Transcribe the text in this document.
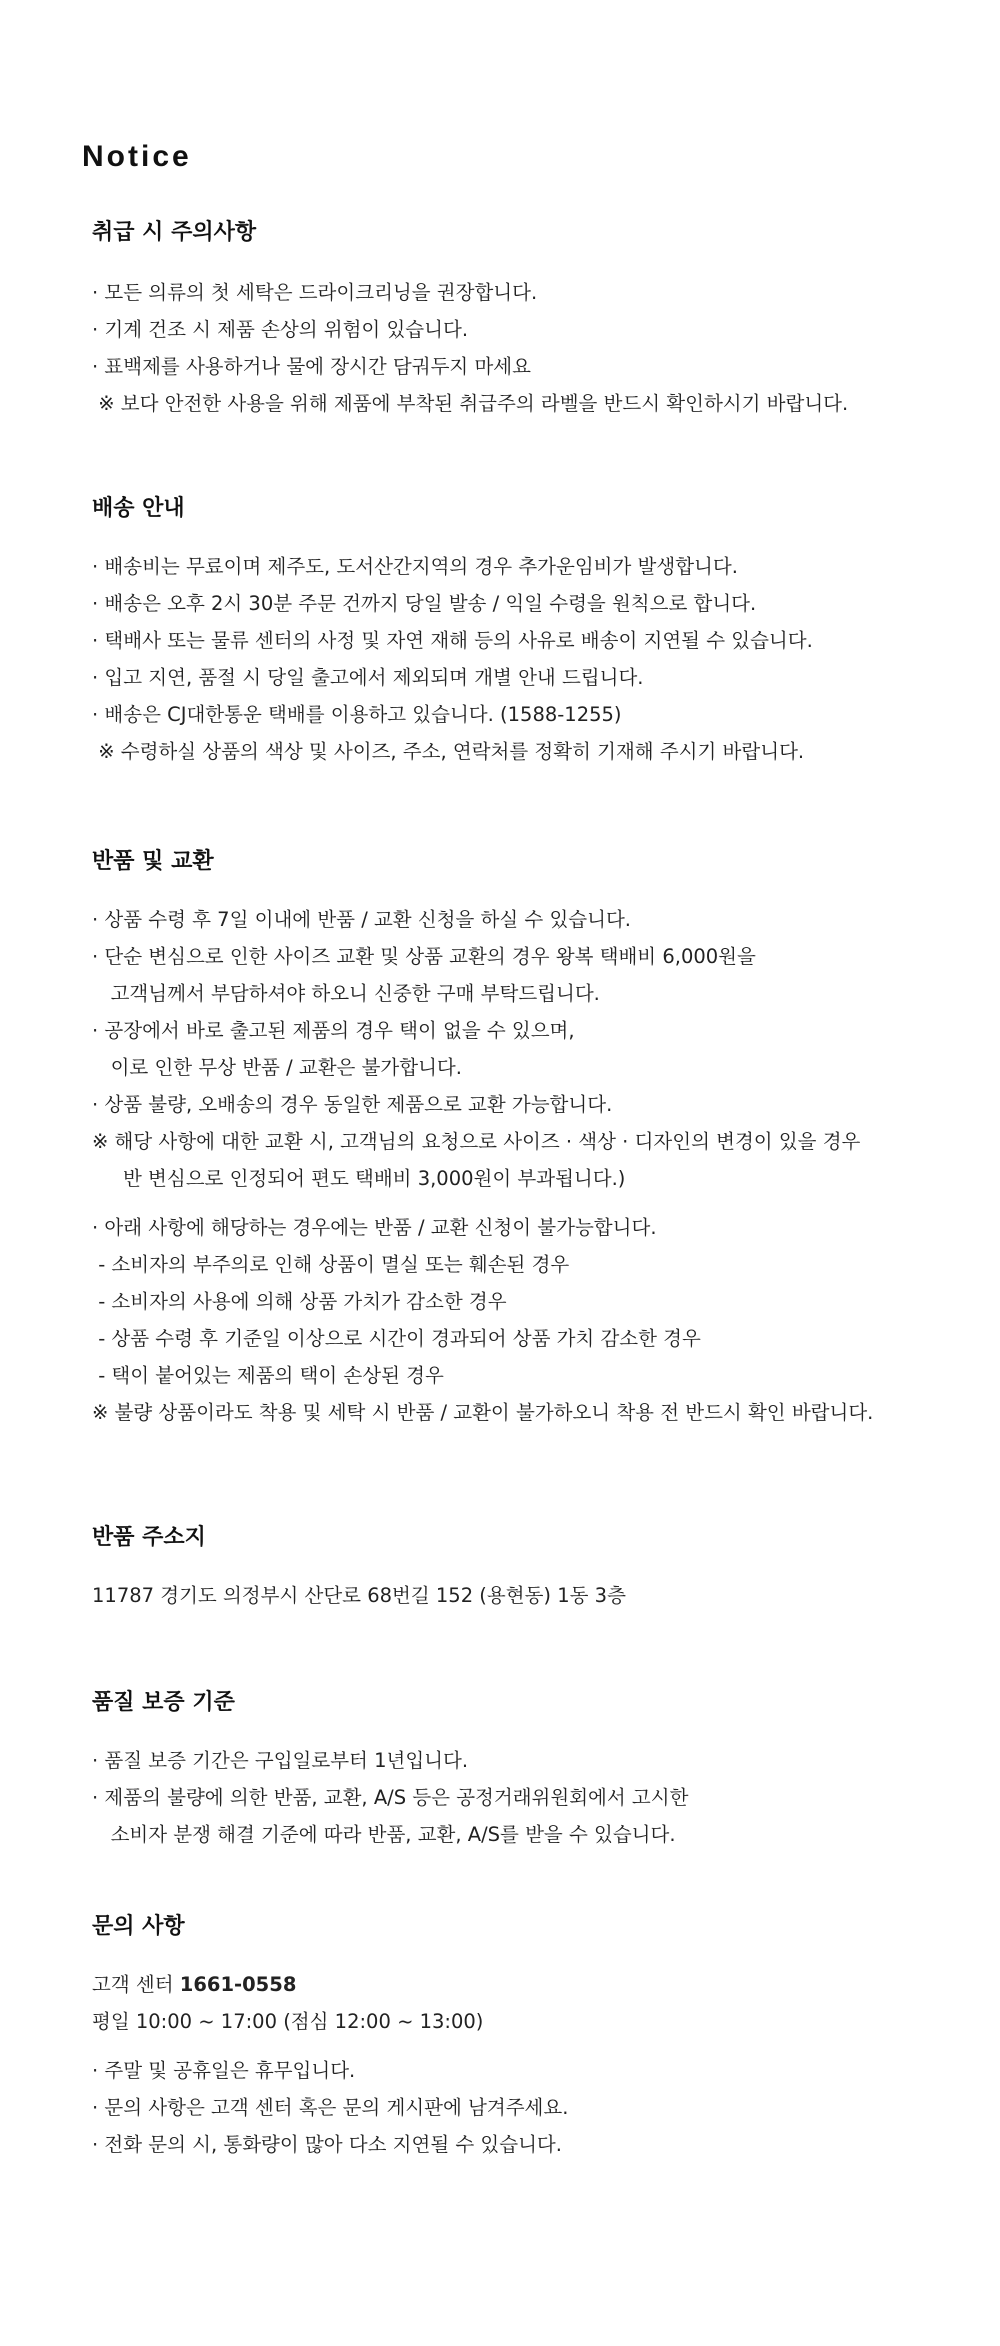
Notice
취급 시 주의사항
· 모든 의류의 첫 세탁은 드라이크리닝을 권장합니다.
· 기계 건조 시 제품 손상의 위험이 있습니다.
· 표백제를 사용하거나 물에 장시간 담궈두지 마세요
※ 보다 안전한 사용을 위해 제품에 부착된 취급주의 라벨을 반드시 확인하시기 바랍니다.
배송 안내
· 배송비는 무료이며 제주도, 도서산간지역의 경우 추가운임비가 발생합니다.
· 배송은 오후 2시 30분 주문 건까지 당일 발송 / 익일 수령을 원칙으로 합니다.
· 택배사 또는 물류 센터의 사정 및 자연 재해 등의 사유로 배송이 지연될 수 있습니다.
· 입고 지연, 품절 시 당일 출고에서 제외되며 개별 안내 드립니다.
· 배송은 CJ대한통운 택배를 이용하고 있습니다. (1588-1255)
※ 수령하실 상품의 색상 및 사이즈, 주소, 연락처를 정확히 기재해 주시기 바랍니다.
반품 및 교환
· 상품 수령 후 7일 이내에 반품 / 교환 신청을 하실 수 있습니다.
· 단순 변심으로 인한 사이즈 교환 및 상품 교환의 경우 왕복 택배비 6,000원을
고객님께서 부담하셔야 하오니 신중한 구매 부탁드립니다.
· 공장에서 바로 출고된 제품의 경우 택이 없을 수 있으며,
이로 인한 무상 반품 / 교환은 불가합니다.
· 상품 불량, 오배송의 경우 동일한 제품으로 교환 가능합니다.
※ 해당 사항에 대한 교환 시, 고객님의 요청으로 사이즈 · 색상 · 디자인의 변경이 있을 경우
반 변심으로 인정되어 편도 택배비 3,000원이 부과됩니다.)
· 아래 사항에 해당하는 경우에는 반품 / 교환 신청이 불가능합니다.
- 소비자의 부주의로 인해 상품이 멸실 또는 훼손된 경우
- 소비자의 사용에 의해 상품 가치가 감소한 경우
- 상품 수령 후 기준일 이상으로 시간이 경과되어 상품 가치 감소한 경우
- 택이 붙어있는 제품의 택이 손상된 경우
※ 불량 상품이라도 착용 및 세탁 시 반품 / 교환이 불가하오니 착용 전 반드시 확인 바랍니다.
반품 주소지
11787 경기도 의정부시 산단로 68번길 152 (용현동) 1동 3층
품질 보증 기준
· 품질 보증 기간은 구입일로부터 1년입니다.
· 제품의 불량에 의한 반품, 교환, A/S 등은 공정거래위원회에서 고시한
소비자 분쟁 해결 기준에 따라 반품, 교환, A/S를 받을 수 있습니다.
문의 사항
고객 센터 1661-0558
평일 10:00 ~ 17:00 (점심 12:00 ~ 13:00)
· 주말 및 공휴일은 휴무입니다.
· 문의 사항은 고객 센터 혹은 문의 게시판에 남겨주세요.
· 전화 문의 시, 통화량이 많아 다소 지연될 수 있습니다.
